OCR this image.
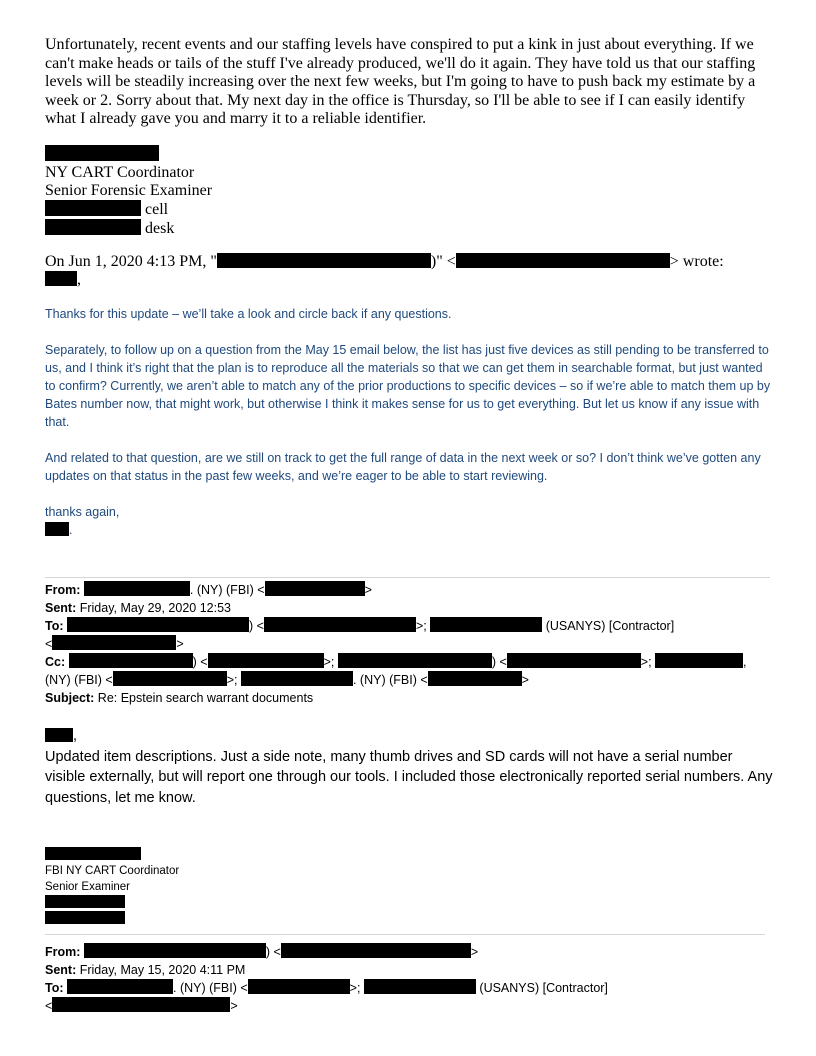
Unfortunately, recent events and our staffing levels have conspired to put a kink in just about everything. If we can't make heads or tails of the stuff I've already produced, we'll do it again. They have told us that our staffing levels will be steadily increasing over the next few weeks, but I'm going to have to push back my estimate by a week or 2. Sorry about that. My next day in the office is Thursday, so I'll be able to see if I can easily identify what I already gave you and marry it to a reliable identifier.
NY CART Coordinator
Senior Forensic Examiner
cell
desk
On Jun 1, 2020 4:13 PM, "	)" <	> wrote:
,

Thanks for this update – we’ll take a look and circle back if any questions.

Separately, to follow up on a question from the May 15 email below, the list has just five devices as still pending to be transferred to us, and I think it’s right that the plan is to reproduce all the materials so that we can get them in searchable format, but just wanted to confirm? Currently, we aren’t able to match any of the prior productions to specific devices – so if we’re able to match them up by Bates number now, that might work, but otherwise I think it makes sense for us to get everything. But let us know if any issue with that.

And related to that question, are we still on track to get the full range of data in the next week or so? I don’t think we’ve gotten any updates on that status in the past few weeks, and we’re eager to be able to start reviewing.

thanks again,
.
From:	. (NY) (FBI) <	>
Sent: Friday, May 29, 2020 12:53
To:	) <	>;	(USANYS) [Contractor]
<	>
Cc:	) <	>;	) <	>;	,
(NY) (FBI) <	>;	. (NY) (FBI) <	>
Subject: Re: Epstein search warrant documents
,
Updated item descriptions. Just a side note, many thumb drives and SD cards will not have a serial number visible externally, but will report one through our tools. I included those electronically reported serial numbers. Any questions, let me know.
FBI NY CART Coordinator
Senior Examiner
From:	) <	>
Sent: Friday, May 15, 2020 4:11 PM
To:	. (NY) (FBI) <	>;	(USANYS) [Contractor]
<	>
